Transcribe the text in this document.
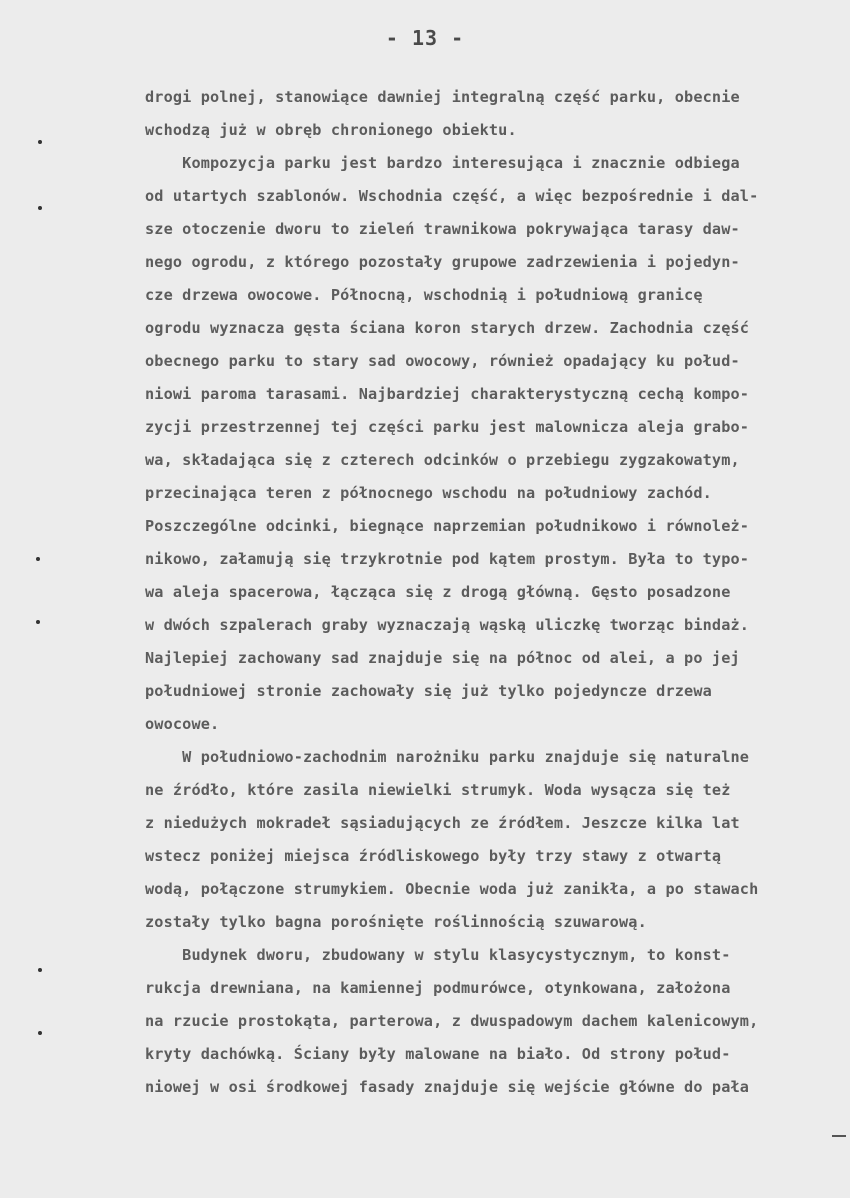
- 13 -
drogi polnej, stanowiące dawniej integralną część parku, obecnie
wchodzą już w obręb chronionego obiektu.
Kompozycja parku jest bardzo interesująca i znacznie odbiega
od utartych szablonów. Wschodnia część, a więc bezpośrednie i dal-
sze otoczenie dworu to zieleń trawnikowa pokrywająca tarasy daw-
nego ogrodu, z którego pozostały grupowe zadrzewienia i pojedyn-
cze drzewa owocowe. Północną, wschodnią i południową granicę
ogrodu wyznacza gęsta ściana koron starych drzew. Zachodnia część
obecnego parku to stary sad owocowy, również opadający ku połud-
niowi paroma tarasami. Najbardziej charakterystyczną cechą kompo-
zycji przestrzennej tej części parku jest malownicza aleja grabo-
wa, składająca się z czterech odcinków o przebiegu zygzakowatym,
przecinająca teren z północnego wschodu na południowy zachód.
Poszczególne odcinki, biegnące naprzemian południkowo i równoleż-
nikowo, załamują się trzykrotnie pod kątem prostym. Była to typo-
wa aleja spacerowa, łącząca się z drogą główną. Gęsto posadzone
w dwóch szpalerach graby wyznaczają wąską uliczkę tworząc bindaż.
Najlepiej zachowany sad znajduje się na północ od alei, a po jej
południowej stronie zachowały się już tylko pojedyncze drzewa
owocowe.
W południowo-zachodnim narożniku parku znajduje się naturalne
ne źródło, które zasila niewielki strumyk. Woda wysącza się też
z niedużych mokradeł sąsiadujących ze źródłem. Jeszcze kilka lat
wstecz poniżej miejsca źródliskowego były trzy stawy z otwartą
wodą, połączone strumykiem. Obecnie woda już zanikła, a po stawach
zostały tylko bagna porośnięte roślinnością szuwarową.
Budynek dworu, zbudowany w stylu klasycystycznym, to konst-
rukcja drewniana, na kamiennej podmurówce, otynkowana, założona
na rzucie prostokąta, parterowa, z dwuspadowym dachem kalenicowym,
kryty dachówką. Ściany były malowane na biało. Od strony połud-
niowej w osi środkowej fasady znajduje się wejście główne do pała
